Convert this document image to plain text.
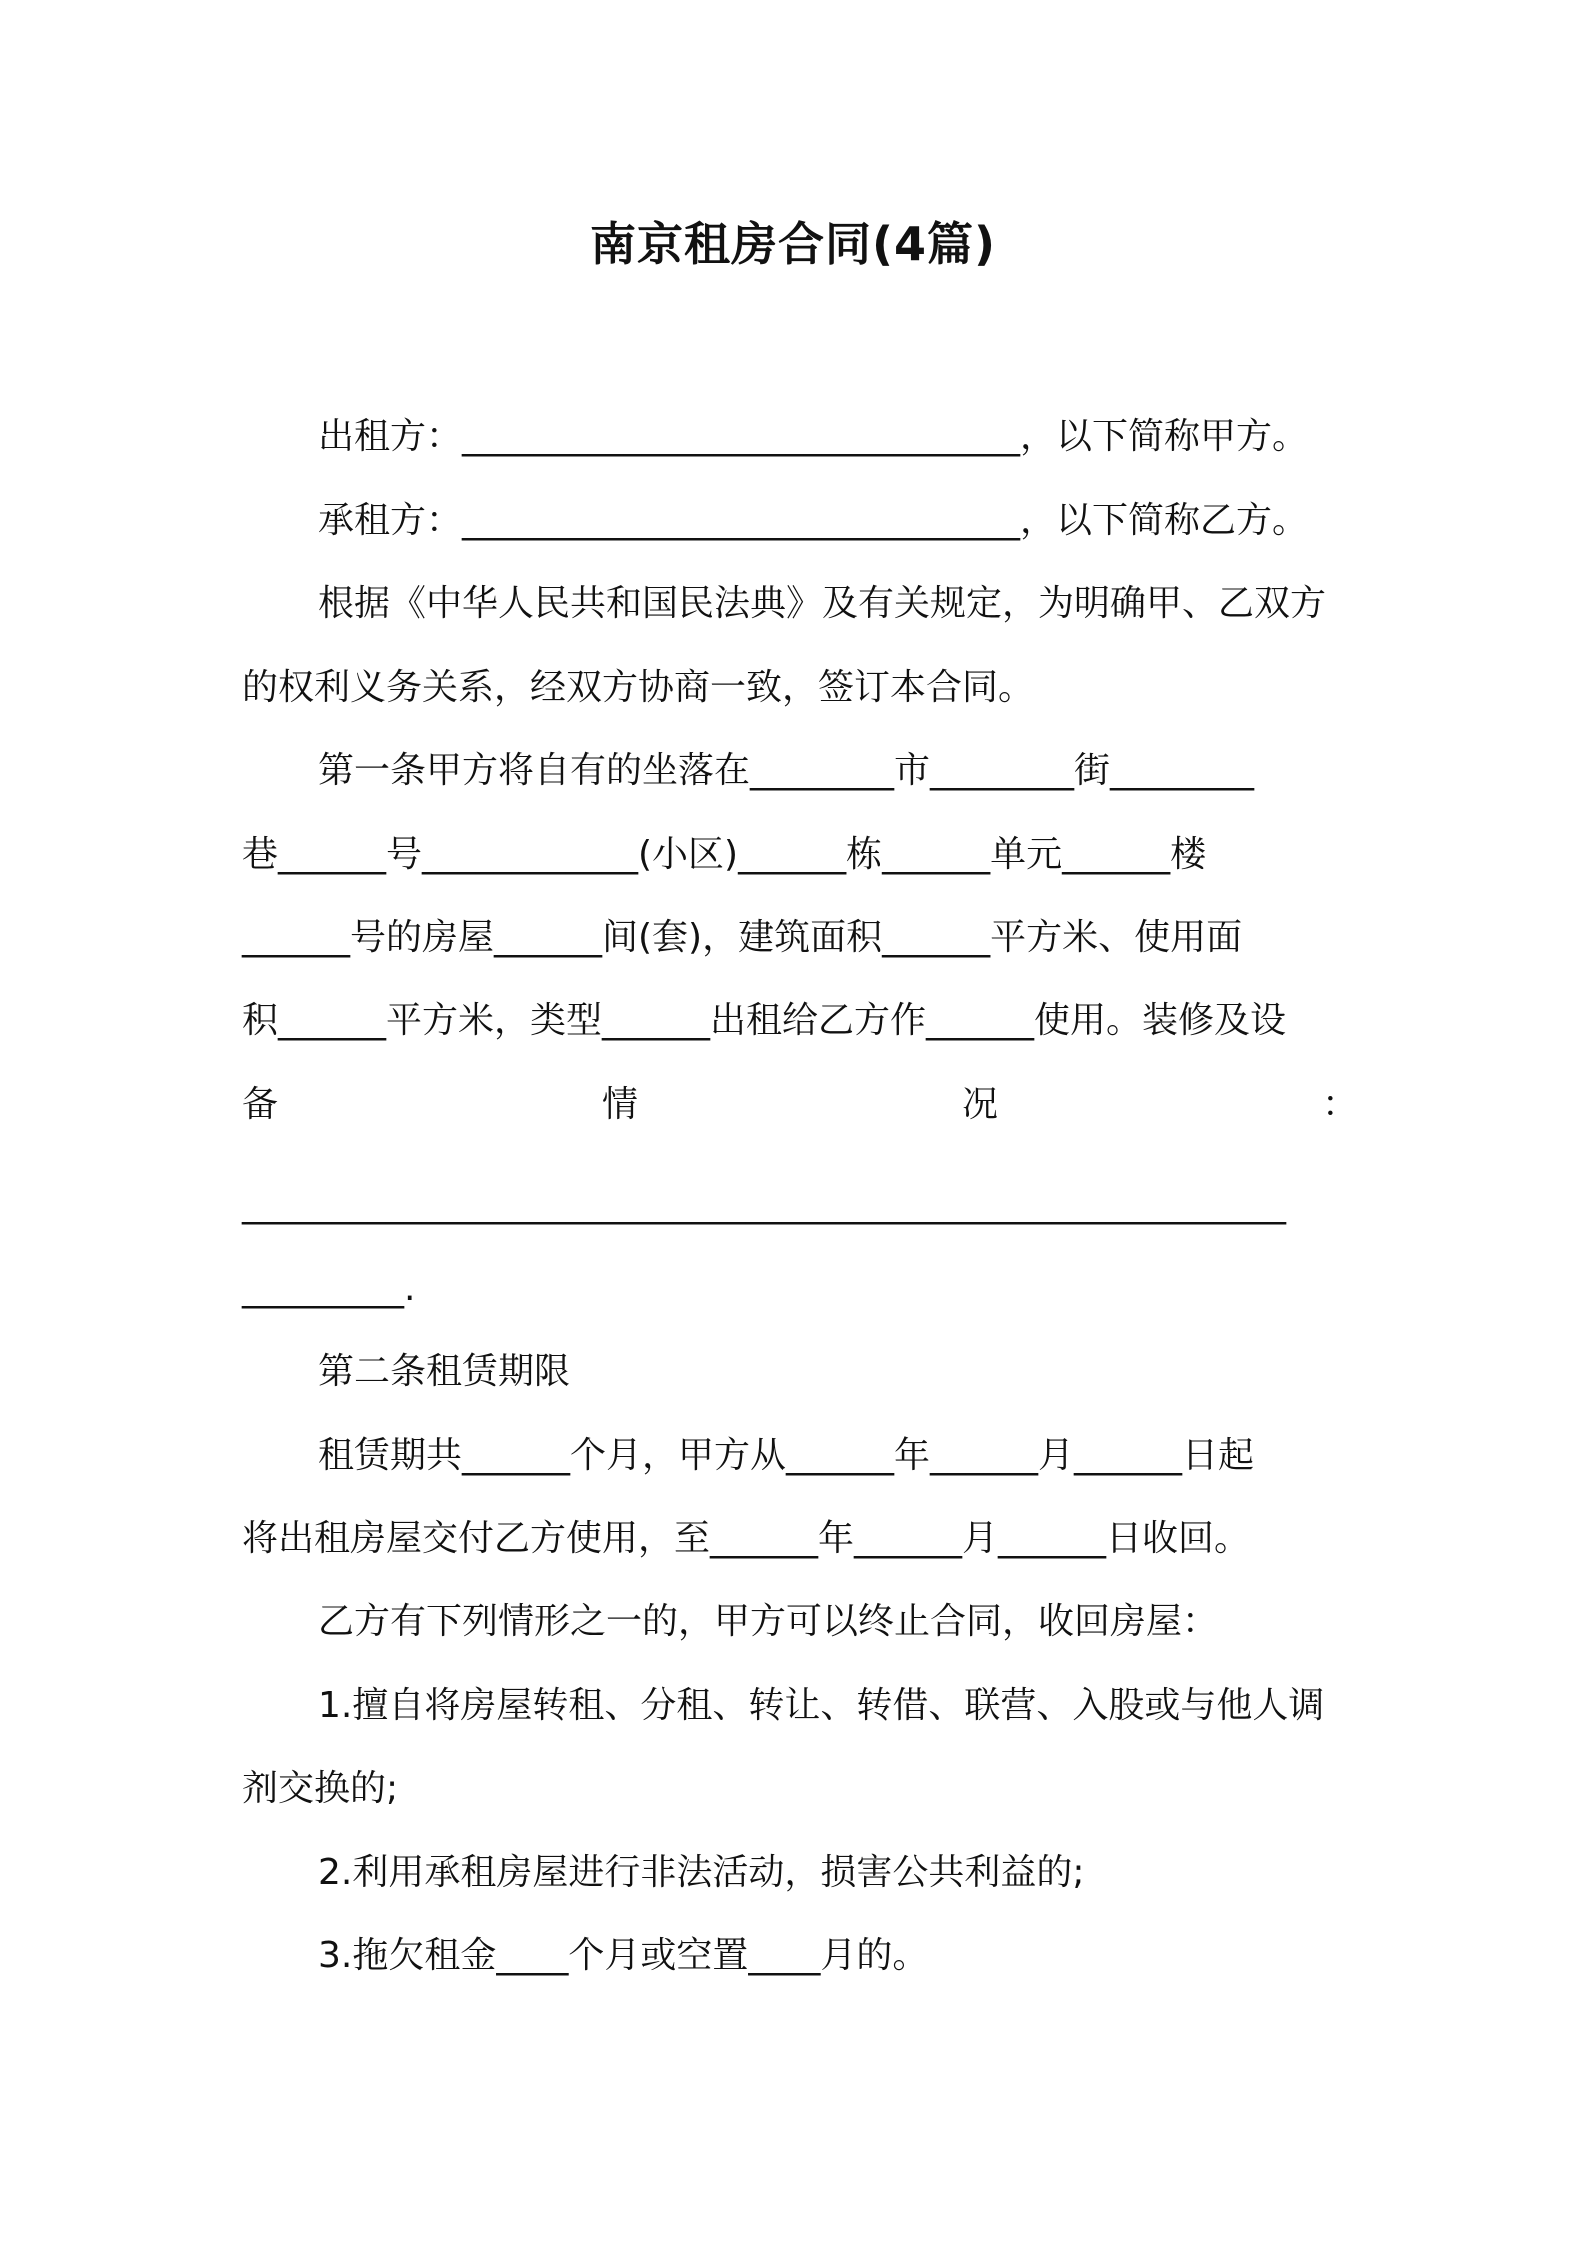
南京租房合同(4篇)
出租方：_______________________________，以下简称甲方。
承租方：_______________________________，以下简称乙方。
根据《中华人民共和国民法典》及有关规定，为明确甲、乙双方
的权利义务关系，经双方协商一致，签订本合同。
第一条甲方将自有的坐落在________市________街________
巷______号____________(小区)______栋______单元______楼
______号的房屋______间(套)，建筑面积______平方米、使用面
积______平方米，类型______出租给乙方作______使用。装修及设
备	情	况	：
__________________________________________________________
_________.
第二条租赁期限
租赁期共______个月，甲方从______年______月______日起
将出租房屋交付乙方使用，至______年______月______日收回。
乙方有下列情形之一的，甲方可以终止合同，收回房屋：
1.擅自将房屋转租、分租、转让、转借、联营、入股或与他人调
剂交换的;
2.利用承租房屋进行非法活动，损害公共利益的;
3.拖欠租金____个月或空置____月的。
